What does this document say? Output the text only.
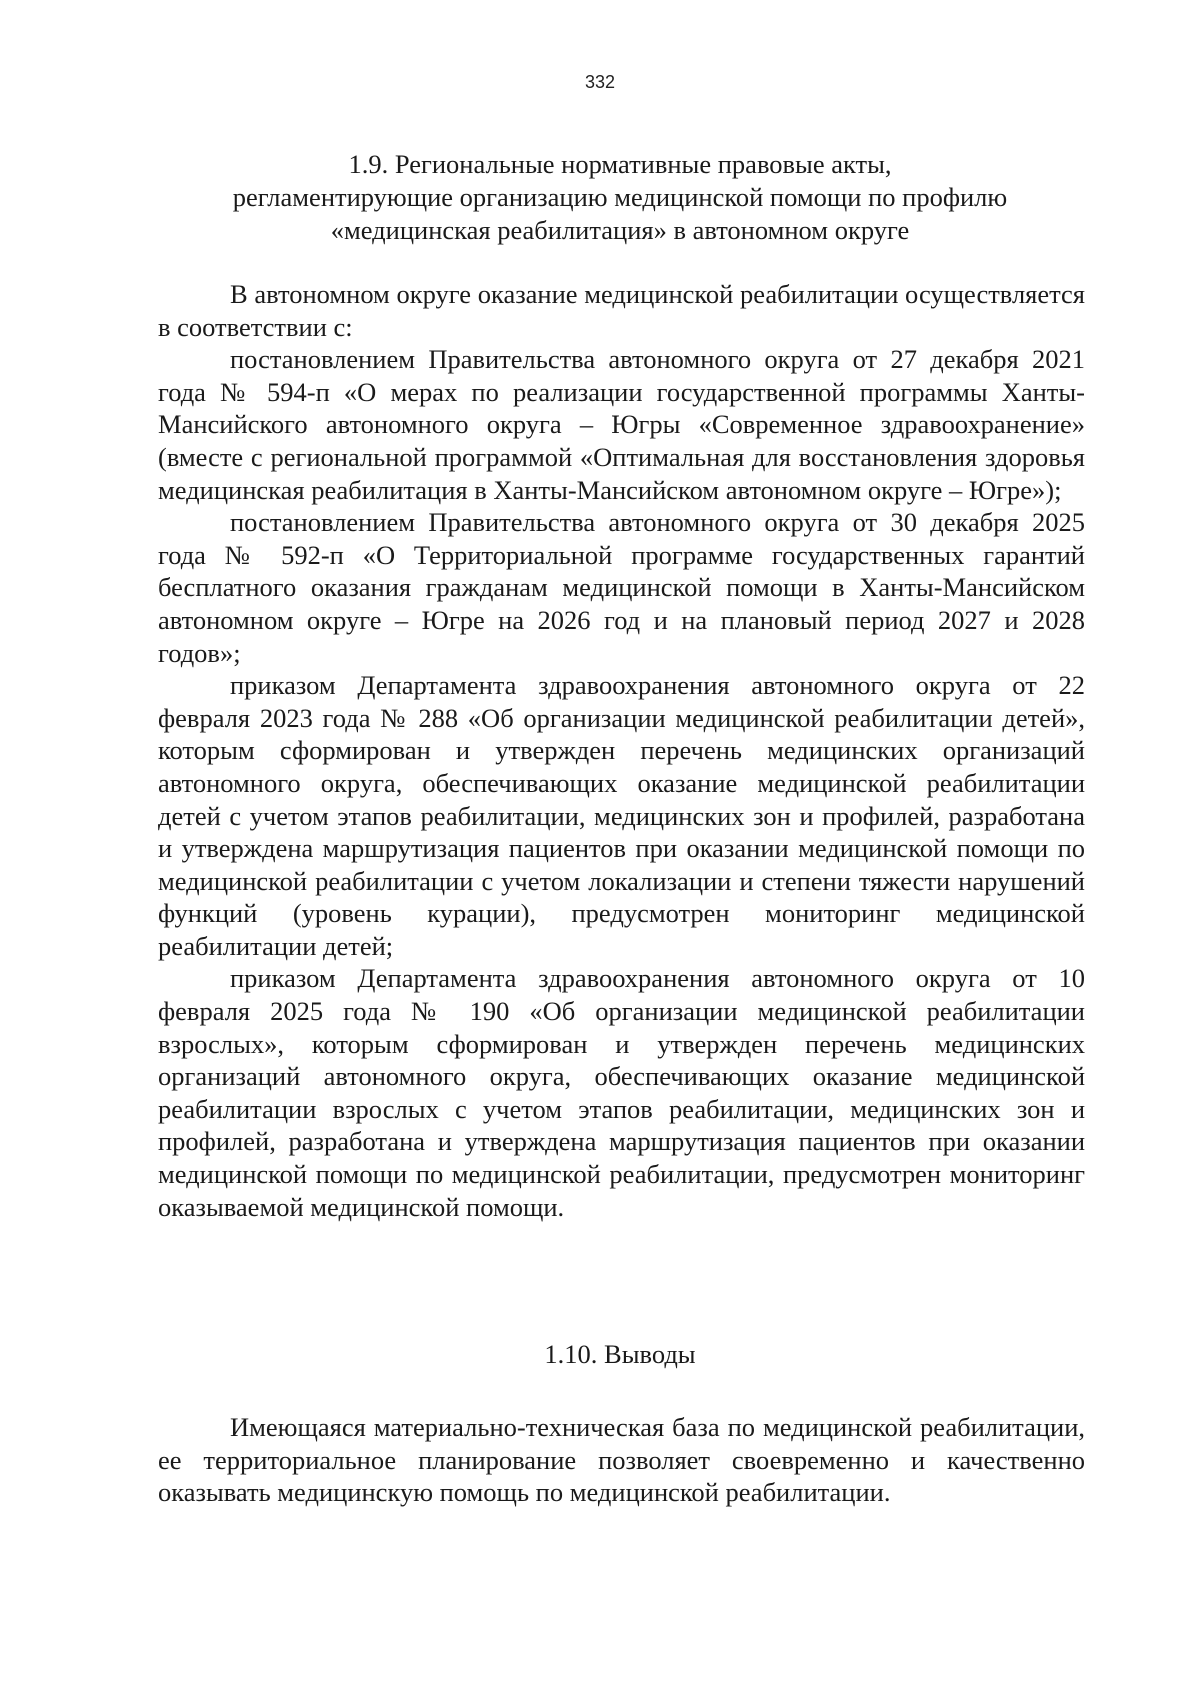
332
1.9. Региональные нормативные правовые акты,
регламентирующие организацию медицинской помощи по профилю
«медицинская реабилитация» в автономном округе

В автономном округе оказание медицинской реабилитации осуществляется в соответствии с:

постановлением Правительства автономного округа от 27 декабря 2021 года № 594-п «О мерах по реализации государственной программы Ханты-Мансийского автономного округа – Югры «Современное здравоохранение» (вместе с региональной программой «Оптимальная для восстановления здоровья медицинская реабилитация в Ханты-Мансийском автономном округе – Югре»);

постановлением Правительства автономного округа от 30 декабря 2025 года № 592-п «О Территориальной программе государственных гарантий бесплатного оказания гражданам медицинской помощи в Ханты-Мансийском автономном округе – Югре на 2026 год и на плановый период 2027 и 2028 годов»;

приказом Департамента здравоохранения автономного округа от 22 февраля 2023 года № 288 «Об организации медицинской реабилитации детей», которым сформирован и утвержден перечень медицинских организаций автономного округа, обеспечивающих оказание медицинской реабилитации детей с учетом этапов реабилитации, медицинских зон и профилей, разработана и утверждена маршрутизация пациентов при оказании медицинской помощи по медицинской реабилитации с учетом локализации и степени тяжести нарушений функций (уровень курации), предусмотрен мониторинг медицинской реабилитации детей;

приказом Департамента здравоохранения автономного округа от 10 февраля 2025 года № 190 «Об организации медицинской реабилитации взрослых», которым сформирован и утвержден перечень медицинских организаций автономного округа, обеспечивающих оказание медицинской реабилитации взрослых с учетом этапов реабилитации, медицинских зон и профилей, разработана и утверждена маршрутизация пациентов при оказании медицинской помощи по медицинской реабилитации, предусмотрен мониторинг оказываемой медицинской помощи.

1.10. Выводы

Имеющаяся материально-техническая база по медицинской реабилитации, ее территориальное планирование позволяет своевременно и качественно оказывать медицинскую помощь по медицинской реабилитации.
